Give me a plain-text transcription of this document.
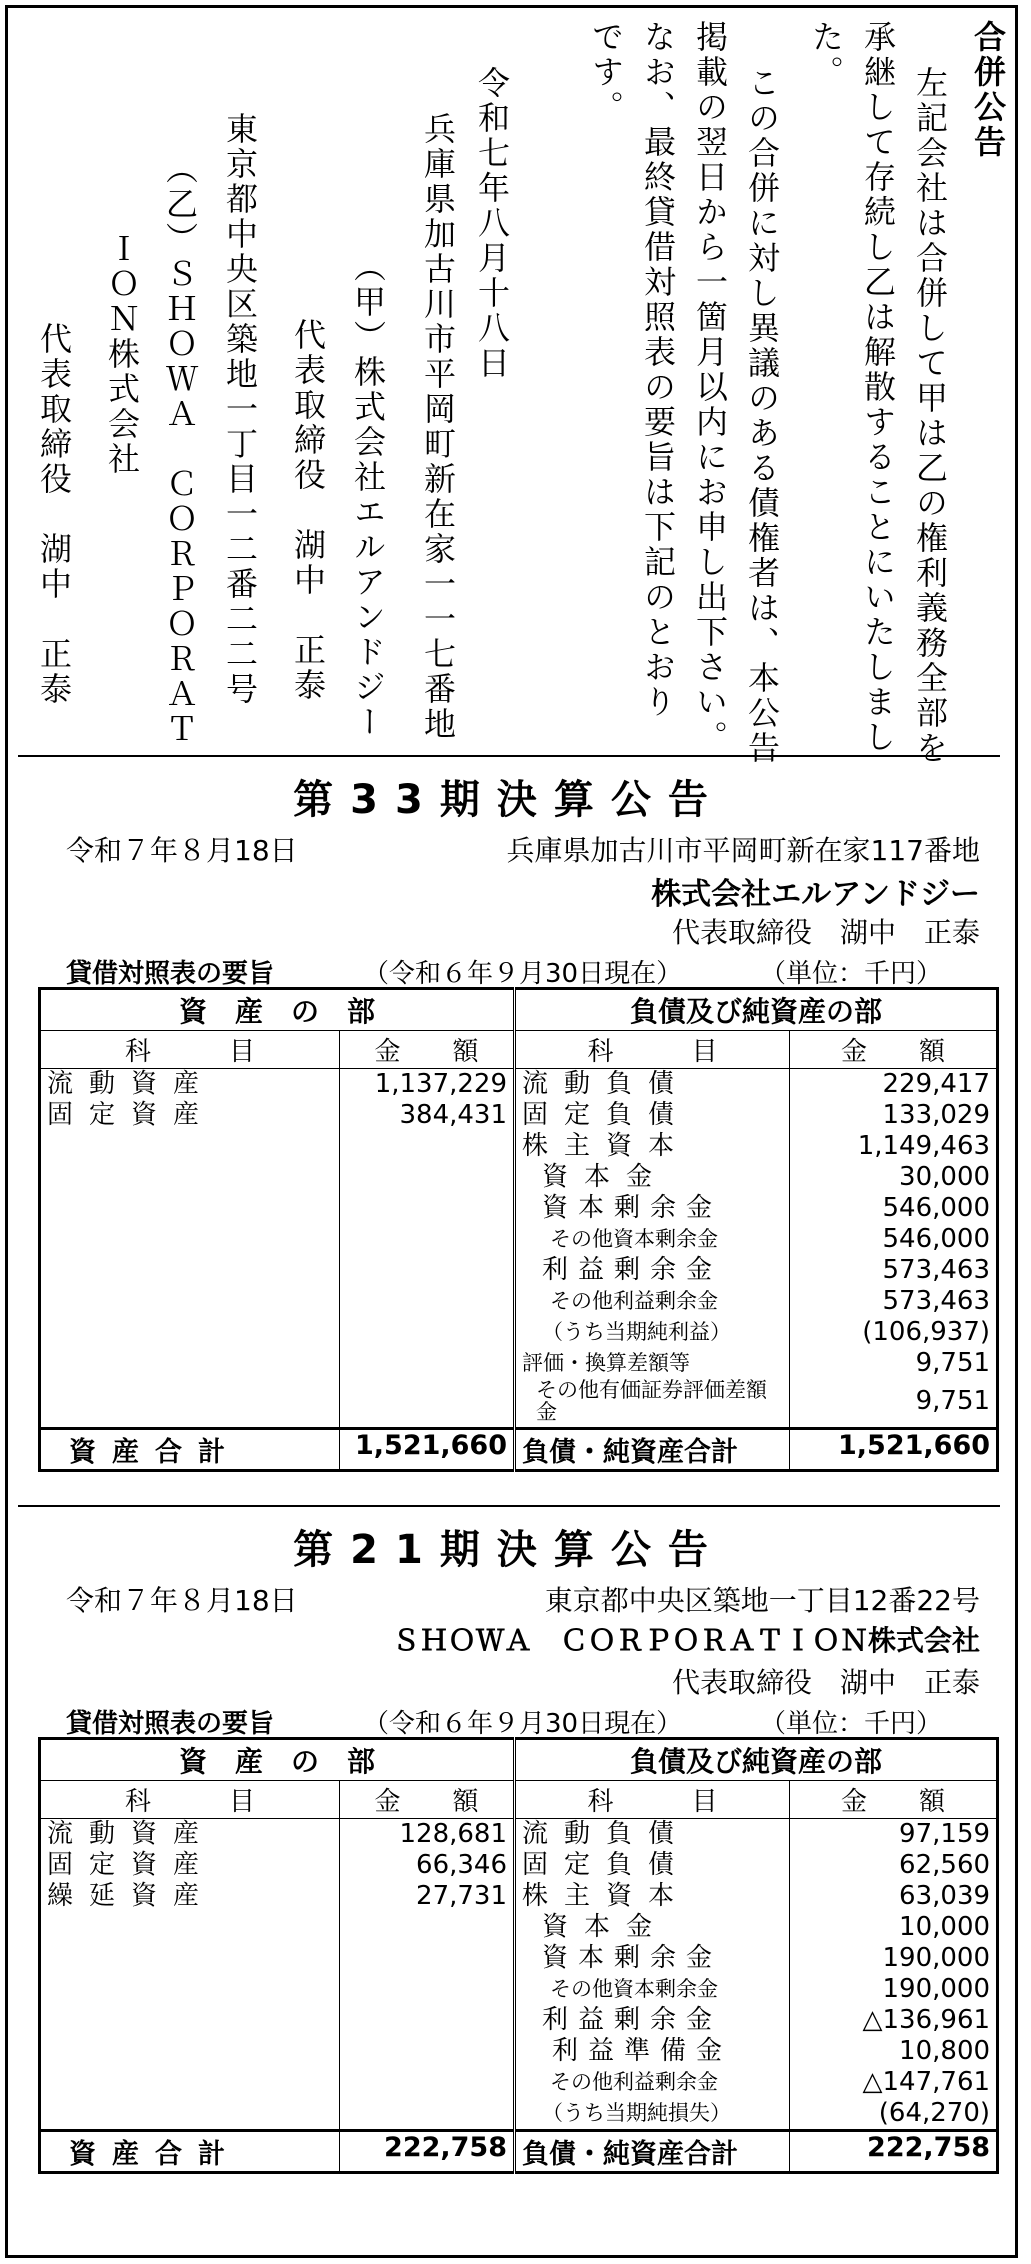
合併公告
左記会社は合併して甲は乙の権利義務全部を
承継して存続し乙は解散することにいたしまし
た。
この合併に対し異議のある債権者は、本公告
掲載の翌日から一箇月以内にお申し出下さい。
なお、最終貸借対照表の要旨は下記のとおり
です。
令和七年八月十八日
兵庫県加古川市平岡町新在家一一七番地
（甲）株式会社エルアンドジー
代表取締役　湖中　正泰
東京都中央区築地一丁目一二番二二号
（乙）ＳＨＯＷＡ　ＣＯＲＰＯＲＡＴ
ＩＯＮ株式会社
代表取締役　湖中　正泰
第33期決算公告
令和７年８月18日	兵庫県加古川市平岡町新在家117番地
株式会社エルアンドジー
代表取締役　湖中　正泰
貸借対照表の要旨	（令和６年９月30日現在）	（単位：千円）
資　産　の　部		負債及び純資産の部	
科　　　目	金　　額	科　　　目	金　　額
流動資産	1,137,229	流動負債	229,417
固定資産	384,431	固定負債	133,029
		株主資本	1,149,463
		資本金	30,000
		資本剰余金	546,000
		その他資本剰余金	546,000
		利益剰余金	573,463
		その他利益剰余金	573,463
		（うち当期純利益）	(106,937)
		評価・換算差額等	9,751
		その他有価証券評価差額金	9,751
資産合計	1,521,660	負債・純資産合計	1,521,660
第21期決算公告
令和７年８月18日	東京都中央区築地一丁目12番22号
ＳＨＯＷＡ　ＣＯＲＰＯＲＡＴＩＯＮ株式会社
代表取締役　湖中　正泰
貸借対照表の要旨	（令和６年９月30日現在）	（単位：千円）
資　産　の　部		負債及び純資産の部	
科　　　目	金　　額	科　　　目	金　　額
流動資産	128,681	流動負債	97,159
固定資産	66,346	固定負債	62,560
繰延資産	27,731	株主資本	63,039
		資本金	10,000
		資本剰余金	190,000
		その他資本剰余金	190,000
		利益剰余金	△136,961
		利益準備金	10,800
		その他利益剰余金	△147,761
		（うち当期純損失）	(64,270)
資産合計	222,758	負債・純資産合計	222,758
